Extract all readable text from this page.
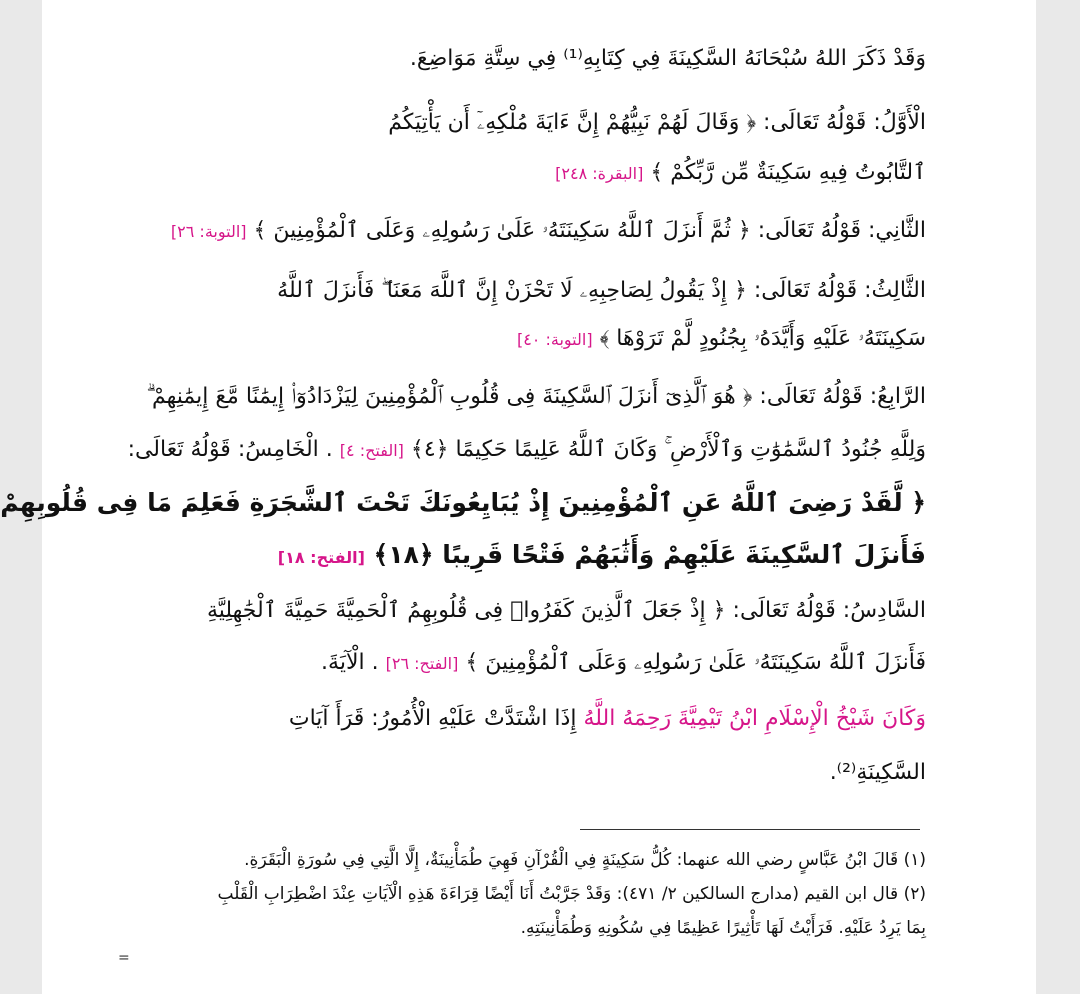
وَقَدْ ذَكَرَ اللهُ سُبْحَانَهُ السَّكِينَةَ فِي كِتَابِهِ⁽¹⁾ فِي سِتَّةِ مَوَاضِعَ.
الْأَوَّلُ: قَوْلُهُ تَعَالَى: ﴿ وَقَالَ لَهُمْ نَبِيُّهُمْ إِنَّ ءَايَةَ مُلْكِهِۦٓ أَن يَأْتِيَكُمُ
ٱلتَّابُوتُ فِيهِ سَكِينَةٌ مِّن رَّبِّكُمْ ﴾ [البقرة: ٢٤٨]
الثَّانِي: قَوْلُهُ تَعَالَى: ﴿ ثُمَّ أَنزَلَ ٱللَّهُ سَكِينَتَهُۥ عَلَىٰ رَسُولِهِۦ وَعَلَى ٱلْمُؤْمِنِينَ ﴾ [التوبة: ٢٦]
الثَّالِثُ: قَوْلُهُ تَعَالَى: ﴿ إِذْ يَقُولُ لِصَاحِبِهِۦ لَا تَحْزَنْ إِنَّ ٱللَّهَ مَعَنَا ۖ فَأَنزَلَ ٱللَّهُ
سَكِينَتَهُۥ عَلَيْهِ وَأَيَّدَهُۥ بِجُنُودٍ لَّمْ تَرَوْهَا ﴾ [التوبة: ٤٠]
الرَّابِعُ: قَوْلُهُ تَعَالَى: ﴿ هُوَ ٱلَّذِىٓ أَنزَلَ ٱلسَّكِينَةَ فِى قُلُوبِ ٱلْمُؤْمِنِينَ لِيَزْدَادُوٓا۟ إِيمَٰنًا مَّعَ إِيمَٰنِهِمْ ۗ
وَلِلَّهِ جُنُودُ ٱلسَّمَٰوَٰتِ وَٱلْأَرْضِ ۚ وَكَانَ ٱللَّهُ عَلِيمًا حَكِيمًا ﴿٤﴾ [الفتح: ٤] . الْخَامِسُ: قَوْلُهُ تَعَالَى:
﴿ لَّقَدْ رَضِىَ ٱللَّهُ عَنِ ٱلْمُؤْمِنِينَ إِذْ يُبَايِعُونَكَ تَحْتَ ٱلشَّجَرَةِ فَعَلِمَ مَا فِى قُلُوبِهِمْ
فَأَنزَلَ ٱلسَّكِينَةَ عَلَيْهِمْ وَأَثَٰبَهُمْ فَتْحًا قَرِيبًا ﴿١٨﴾ [الفتح: ١٨]
السَّادِسُ: قَوْلُهُ تَعَالَى: ﴿ إِذْ جَعَلَ ٱلَّذِينَ كَفَرُوا۟ فِى قُلُوبِهِمُ ٱلْحَمِيَّةَ حَمِيَّةَ ٱلْجَٰهِلِيَّةِ
فَأَنزَلَ ٱللَّهُ سَكِينَتَهُۥ عَلَىٰ رَسُولِهِۦ وَعَلَى ٱلْمُؤْمِنِينَ ﴾ [الفتح: ٢٦] . الْآيَةَ.
وَكَانَ شَيْخُ الْإِسْلَامِ ابْنُ تَيْمِيَّةَ رَحِمَهُ اللَّهُ إِذَا اشْتَدَّتْ عَلَيْهِ الْأُمُورُ: قَرَأَ آيَاتِ
السَّكِينَةِ⁽²⁾.
(١) قَالَ ابْنُ عَبَّاسٍ رضي الله عنهما: كُلُّ سَكِينَةٍ فِي الْقُرْآنِ فَهِيَ طُمَأْنِينَةٌ، إِلَّا الَّتِي فِي سُورَةِ الْبَقَرَةِ.
(٢) قال ابن القيم (مدارج السالكين ٢/ ٤٧١): وَقَدْ جَرَّبْتُ أَنَا أَيْضًا قِرَاءَةَ هَذِهِ الْآيَاتِ عِنْدَ اضْطِرَابِ الْقَلْبِ
بِمَا يَرِدُ عَلَيْهِ. فَرَأَيْتُ لَهَا تَأْثِيرًا عَظِيمًا فِي سُكُونِهِ وَطُمَأْنِينَتِهِ.
=
